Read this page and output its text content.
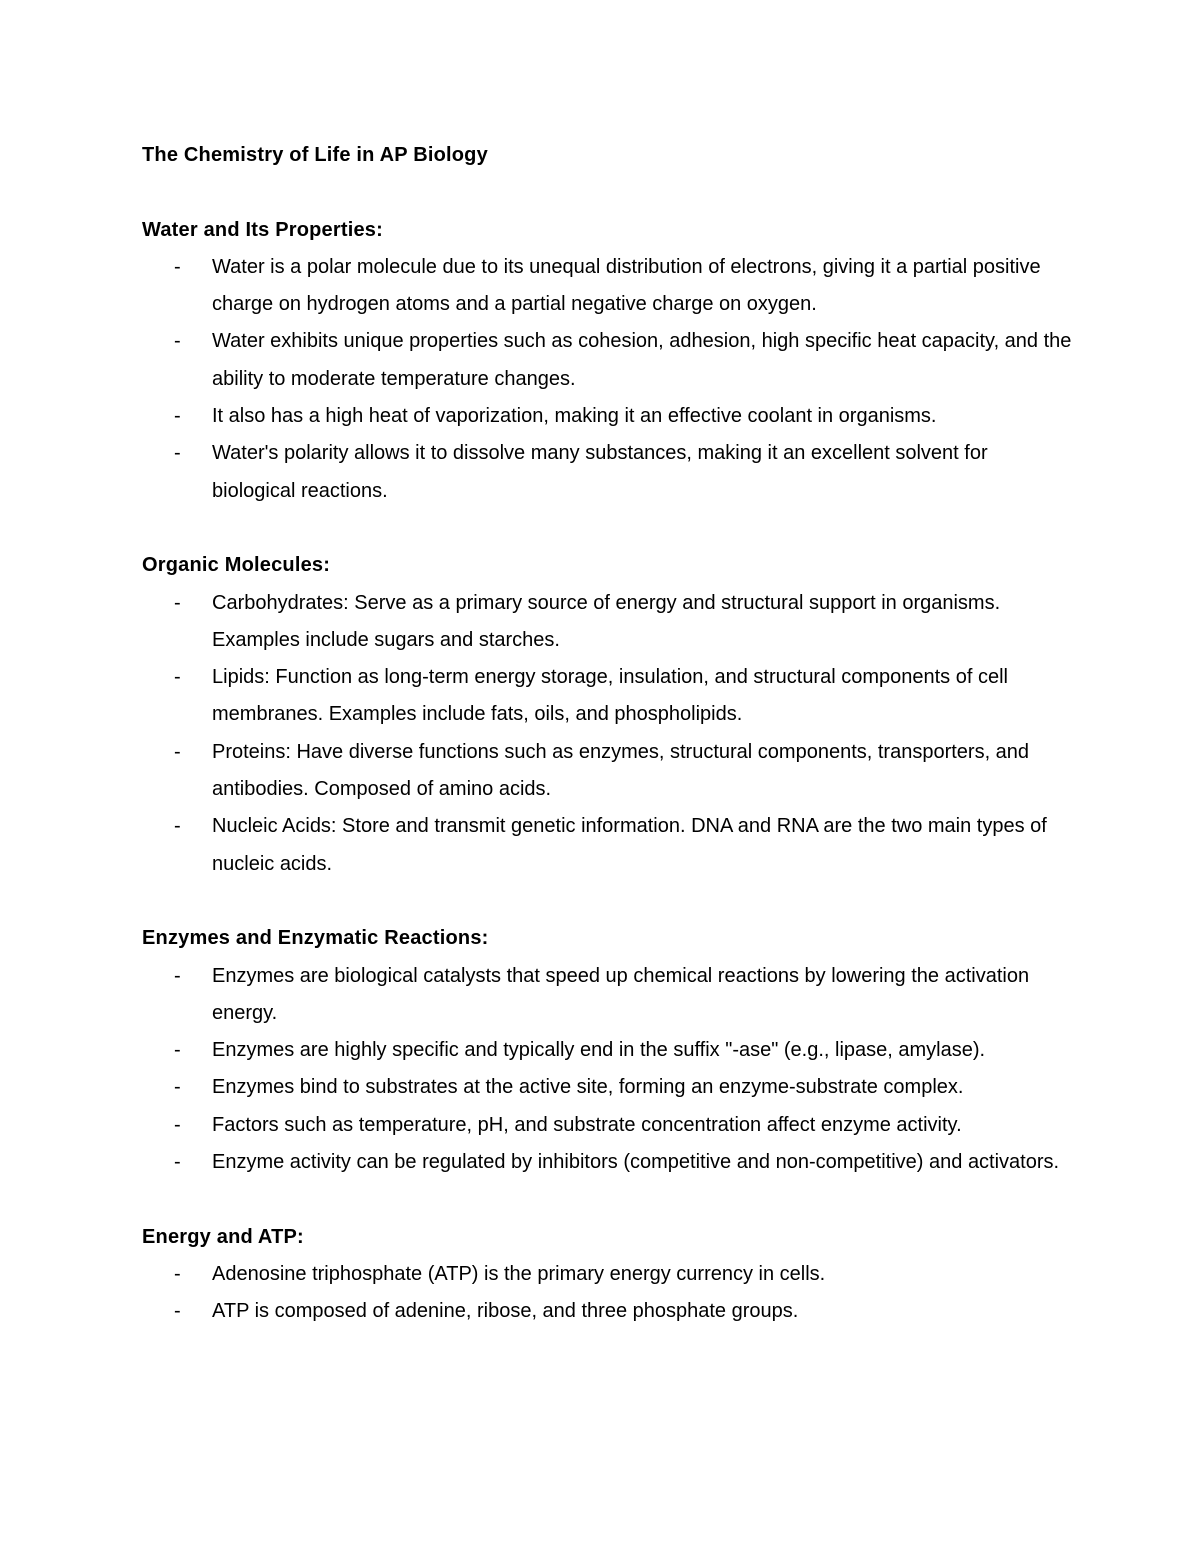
The Chemistry of Life in AP Biology

Water and Its Properties:

- Water is a polar molecule due to its unequal distribution of electrons, giving it a partial positive charge on hydrogen atoms and a partial negative charge on oxygen.
- Water exhibits unique properties such as cohesion, adhesion, high specific heat capacity, and the ability to moderate temperature changes.
- It also has a high heat of vaporization, making it an effective coolant in organisms.
- Water's polarity allows it to dissolve many substances, making it an excellent solvent for biological reactions.

Organic Molecules:

- Carbohydrates: Serve as a primary source of energy and structural support in organisms. Examples include sugars and starches.
- Lipids: Function as long-term energy storage, insulation, and structural components of cell membranes. Examples include fats, oils, and phospholipids.
- Proteins: Have diverse functions such as enzymes, structural components, transporters, and antibodies. Composed of amino acids.
- Nucleic Acids: Store and transmit genetic information. DNA and RNA are the two main types of nucleic acids.

Enzymes and Enzymatic Reactions:

- Enzymes are biological catalysts that speed up chemical reactions by lowering the activation energy.
- Enzymes are highly specific and typically end in the suffix "-ase" (e.g., lipase, amylase).
- Enzymes bind to substrates at the active site, forming an enzyme-substrate complex.
- Factors such as temperature, pH, and substrate concentration affect enzyme activity.
- Enzyme activity can be regulated by inhibitors (competitive and non-competitive) and activators.

Energy and ATP:

- Adenosine triphosphate (ATP) is the primary energy currency in cells.
- ATP is composed of adenine, ribose, and three phosphate groups.
